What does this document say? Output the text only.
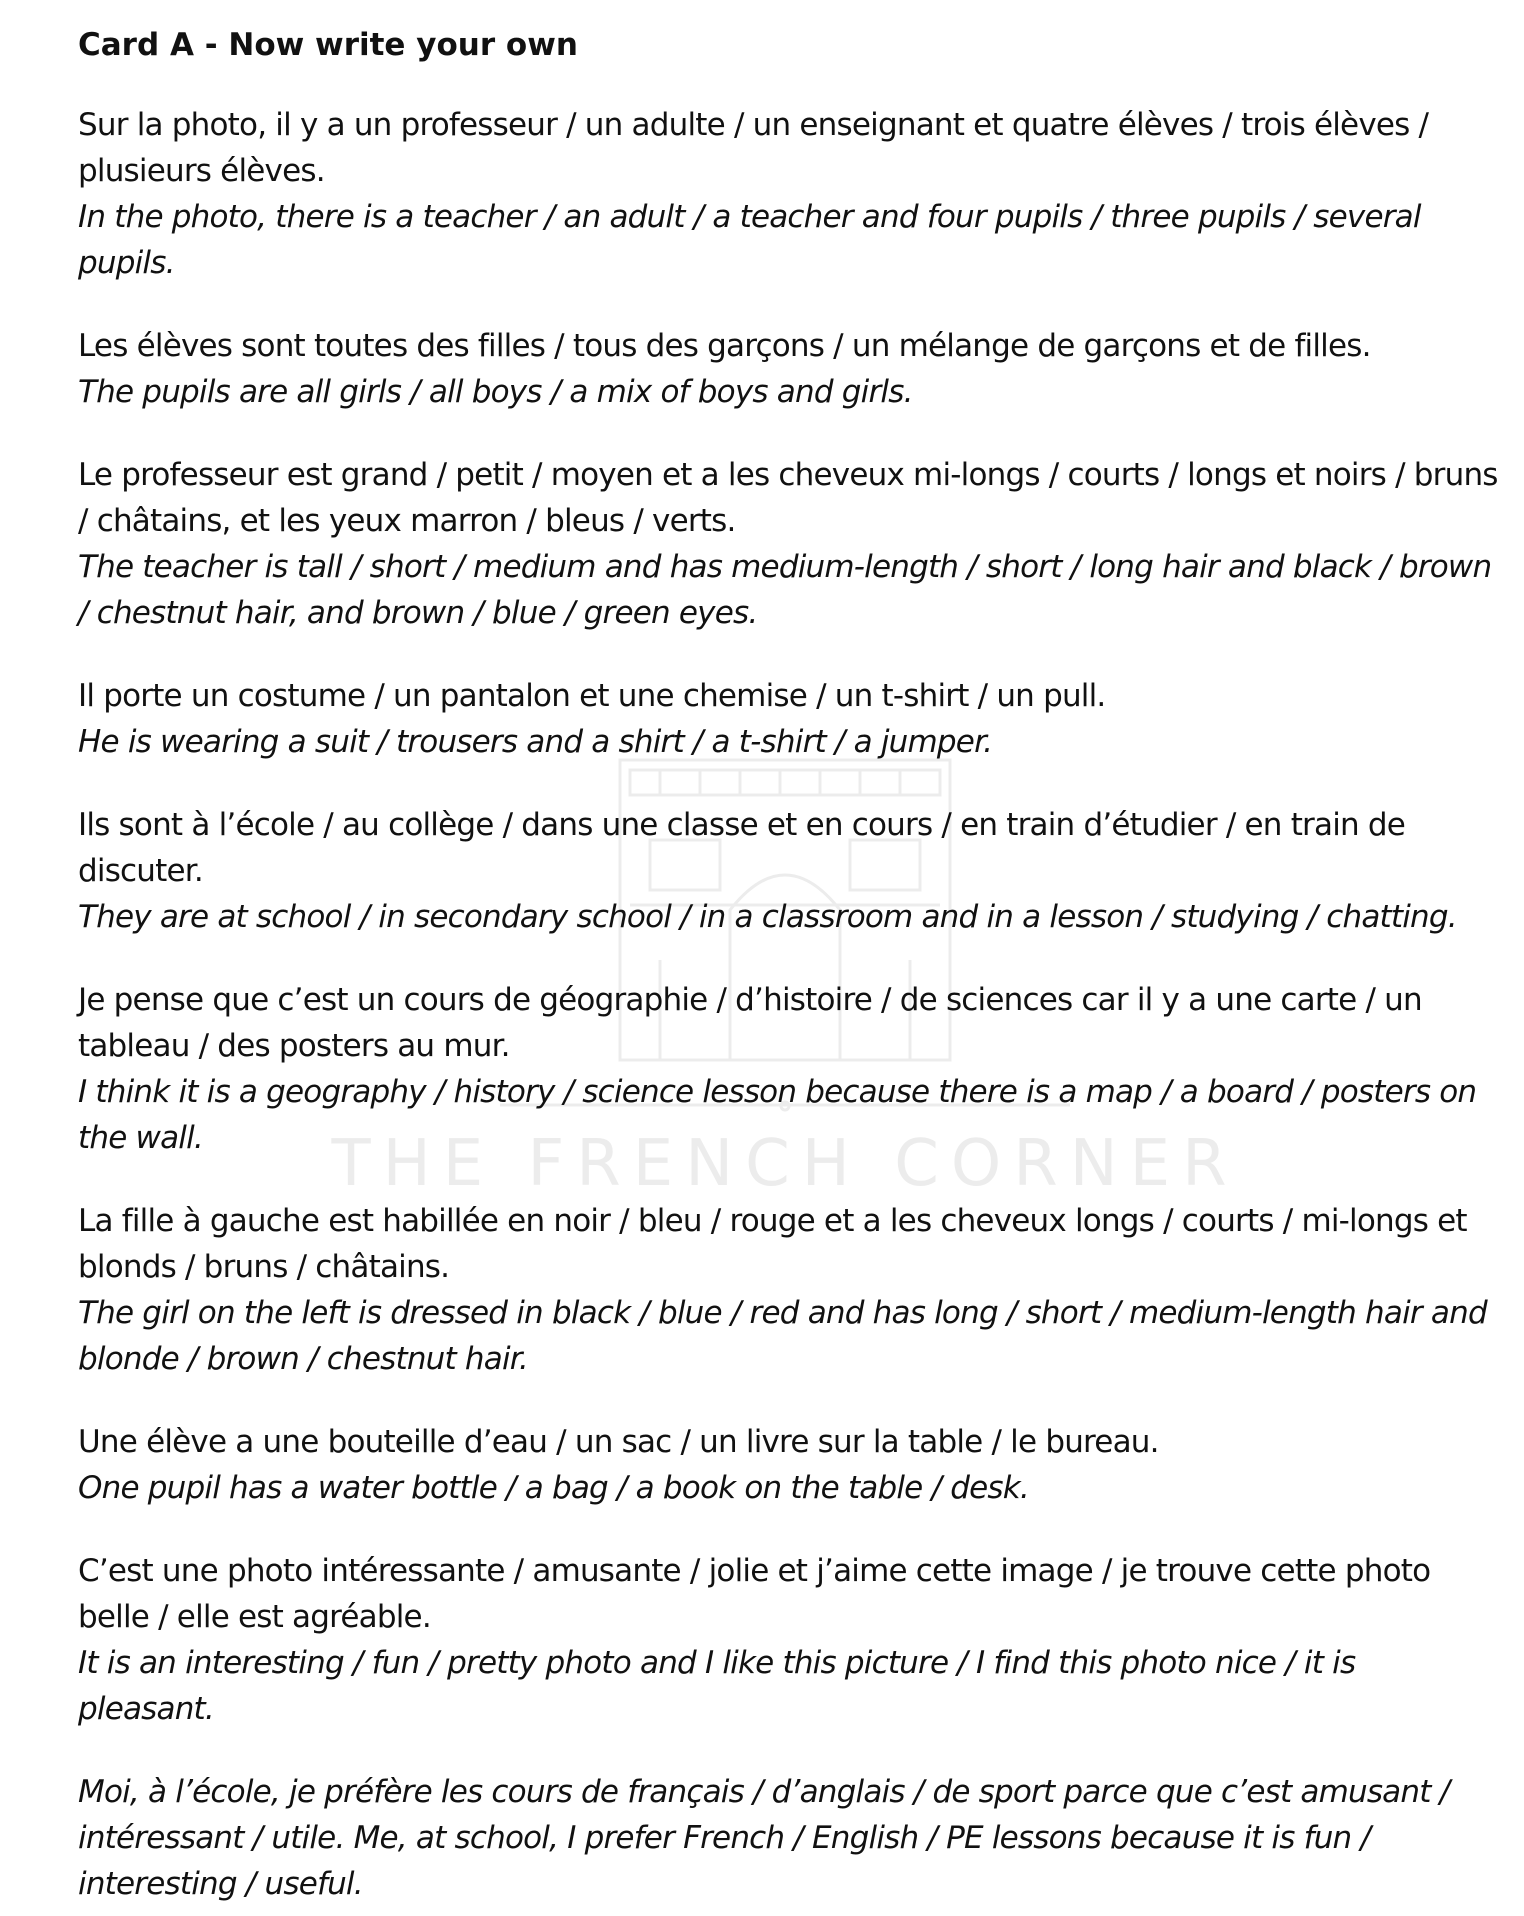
THE FRENCH CORNER
Card A - Now write your own

Sur la photo, il y a un professeur / un adulte / un enseignant et quatre élèves / trois élèves / plusieurs élèves.

In the photo, there is a teacher / an adult / a teacher and four pupils / three pupils / several pupils.

Les élèves sont toutes des filles / tous des garçons / un mélange de garçons et de filles.

The pupils are all girls / all boys / a mix of boys and girls.

Le professeur est grand / petit / moyen et a les cheveux mi-longs / courts / longs et noirs / bruns / châtains, et les yeux marron / bleus / verts.

The teacher is tall / short / medium and has medium-length / short / long hair and black / brown / chestnut hair, and brown / blue / green eyes.

Il porte un costume / un pantalon et une chemise / un t-shirt / un pull.

He is wearing a suit / trousers and a shirt / a t-shirt / a jumper.

Ils sont à l’école / au collège / dans une classe et en cours / en train d’étudier / en train de discuter.

They are at school / in secondary school / in a classroom and in a lesson / studying / chatting.

Je pense que c’est un cours de géographie / d’histoire / de sciences car il y a une carte / un tableau / des posters au mur.

I think it is a geography / history / science lesson because there is a map / a board / posters on the wall.

La fille à gauche est habillée en noir / bleu / rouge et a les cheveux longs / courts / mi-longs et blonds / bruns / châtains.

The girl on the left is dressed in black / blue / red and has long / short / medium-length hair and blonde / brown / chestnut hair.

Une élève a une bouteille d’eau / un sac / un livre sur la table / le bureau.

One pupil has a water bottle / a bag / a book on the table / desk.

C’est une photo intéressante / amusante / jolie et j’aime cette image / je trouve cette photo belle / elle est agréable.

It is an interesting / fun / pretty photo and I like this picture / I find this photo nice / it is pleasant.

Moi, à l’école, je préfère les cours de français / d’anglais / de sport parce que c’est amusant / intéressant / utile. Me, at school, I prefer French / English / PE lessons because it is fun / interesting / useful.
